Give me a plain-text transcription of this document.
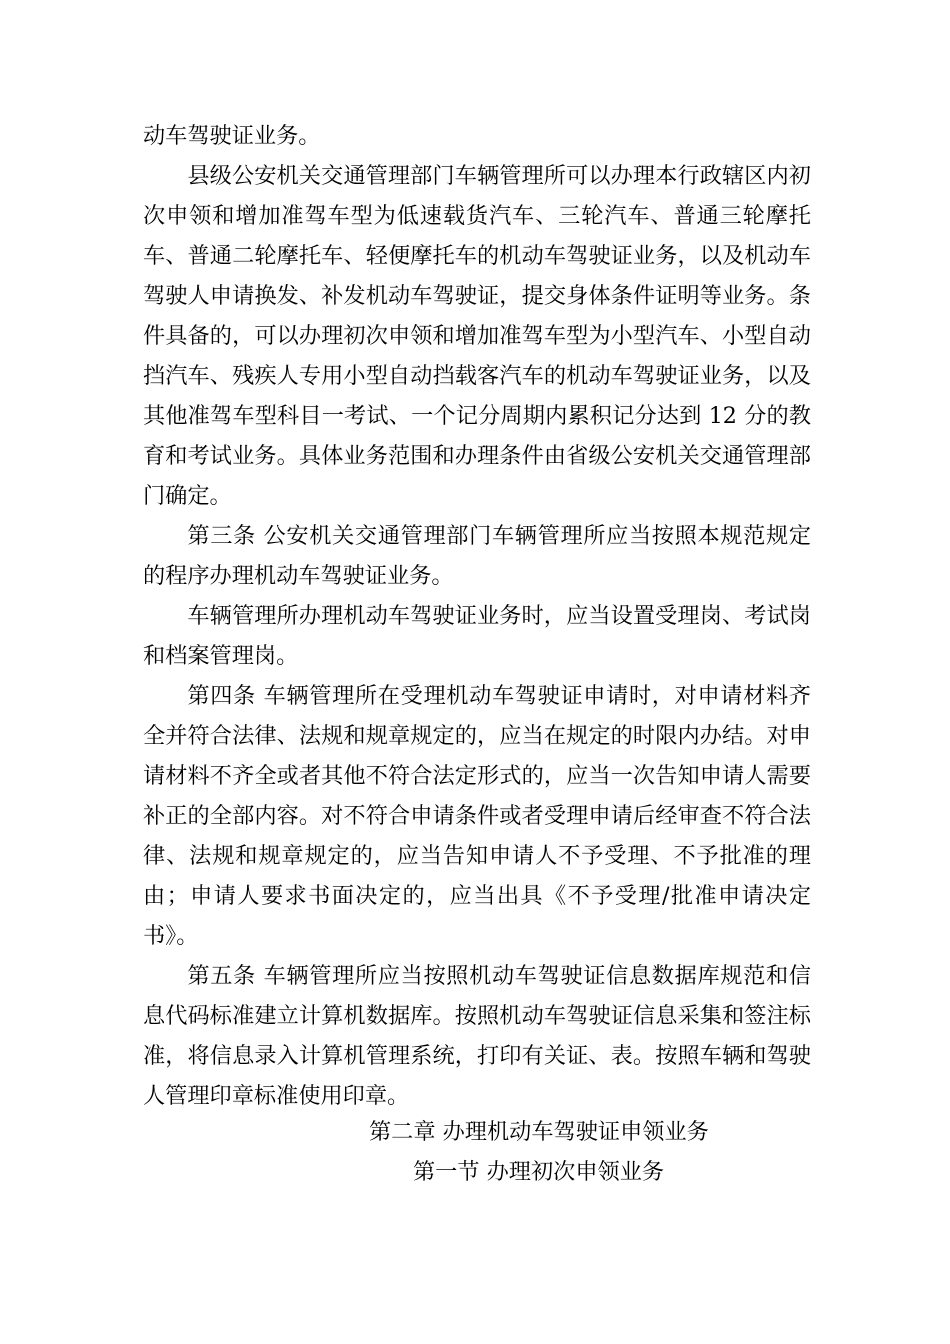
动车驾驶证业务。

县级公安机关交通管理部门车辆管理所可以办理本行政辖区内初次申领和增加准驾车型为低速载货汽车、三轮汽车、普通三轮摩托车、普通二轮摩托车、轻便摩托车的机动车驾驶证业务，以及机动车驾驶人申请换发、补发机动车驾驶证，提交身体条件证明等业务。条件具备的，可以办理初次申领和增加准驾车型为小型汽车、小型自动挡汽车、残疾人专用小型自动挡载客汽车的机动车驾驶证业务，以及其他准驾车型科目一考试、一个记分周期内累积记分达到 12 分的教育和考试业务。具体业务范围和办理条件由省级公安机关交通管理部门确定。

第三条 公安机关交通管理部门车辆管理所应当按照本规范规定的程序办理机动车驾驶证业务。

车辆管理所办理机动车驾驶证业务时，应当设置受理岗、考试岗和档案管理岗。

第四条 车辆管理所在受理机动车驾驶证申请时，对申请材料齐全并符合法律、法规和规章规定的，应当在规定的时限内办结。对申请材料不齐全或者其他不符合法定形式的，应当一次告知申请人需要补正的全部内容。对不符合申请条件或者受理申请后经审查不符合法律、法规和规章规定的，应当告知申请人不予受理、不予批准的理由；申请人要求书面决定的，应当出具《不予受理/批准申请决定书》。

第五条 车辆管理所应当按照机动车驾驶证信息数据库规范和信息代码标准建立计算机数据库。按照机动车驾驶证信息采集和签注标准，将信息录入计算机管理系统，打印有关证、表。按照车辆和驾驶人管理印章标准使用印章。

第二章 办理机动车驾驶证申领业务
第一节 办理初次申领业务
